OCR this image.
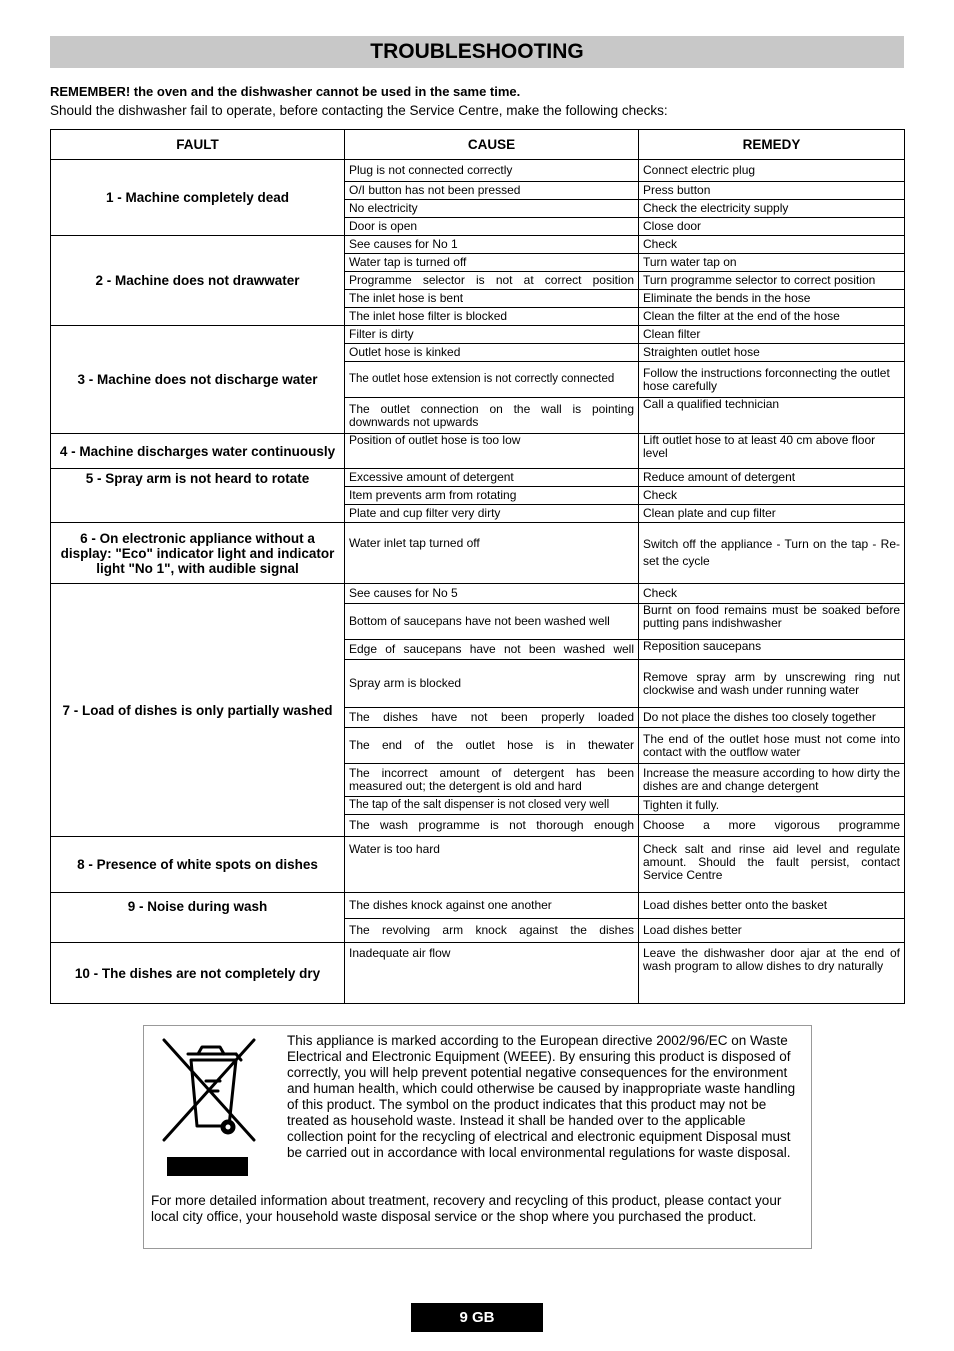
TROUBLESHOOTING
REMEMBER! the oven and the dishwasher cannot be used in the same time.
Should the dishwasher fail to operate, before contacting the Service Centre, make the following checks:
FAULT	CAUSE	REMEDY
1 - Machine completely dead	Plug is not connected correctly	Connect electric plug
	O/I button has not been pressed	Press button
	No electricity	Check the electricity supply
	Door is open	Close door
2 - Machine does not drawwater	See causes for No 1	Check
	Water tap is turned off	Turn water tap on
	Programme selector is not at correct position	Turn programme selector to correct position
	The inlet hose is bent	Eliminate the bends in the hose
	The inlet hose filter is blocked	Clean the filter at the end of the hose
3 - Machine does not discharge water	Filter is dirty	Clean filter
	Outlet hose is kinked	Straighten outlet hose
	The outlet hose extension is not correctly connected	Follow the instructions forconnecting the outlet hose carefully
	The outlet connection on the wall is pointing downwards not upwards	Call a qualified technician
4 - Machine discharges water continuously	Position of outlet hose is too low	Lift outlet hose to at least 40 cm above floor level
5 - Spray arm is not heard to rotate	Excessive amount of detergent	Reduce amount of detergent
	Item prevents arm from rotating	Check
	Plate and cup filter very dirty	Clean plate and cup filter
6 - On electronic appliance without a display: "Eco" indicator light and indicator light "No 1", with audible signal	Water inlet tap turned off	Switch off the appliance - Turn on the tap - Re-set the cycle
7 - Load of dishes is only partially washed	See causes for No 5	Check
	Bottom of saucepans have not been washed well	Burnt on food remains must be soaked before putting pans indishwasher
	Edge of saucepans have not been washed well	Reposition saucepans
	Spray arm is blocked	Remove spray arm by unscrewing ring nut clockwise and wash under running water
	The dishes have not been properly loaded	Do not place the dishes too closely together
	The end of the outlet hose is in thewater	The end of the outlet hose must not come into contact with the outflow water
	The incorrect amount of detergent has been measured out; the detergent is old and hard	Increase the measure according to how dirty the dishes are and change detergent
	The tap of the salt dispenser is not closed very well	Tighten it fully.
	The wash programme is not thorough enough	Choose a more vigorous programme
8 - Presence of white spots on dishes	Water is too hard	Check salt and rinse aid level and regulate amount. Should the fault persist, contact Service Centre
9 - Noise during wash	The dishes knock against one another	Load dishes better onto the basket
	The revolving arm knock against the dishes	Load dishes better
10 - The dishes are not completely dry	Inadequate air flow	Leave the dishwasher door ajar at the end of wash program to allow dishes to dry naturally
This appliance is marked according to the European directive 2002/96/EC on Waste Electrical and Electronic Equipment (WEEE). By ensuring this product is disposed of correctly, you will help prevent potential negative consequences for the environment and human health, which could otherwise be caused by inappropriate waste handling of this product. The symbol on the product indicates that this product may not be treated as household waste. Instead it shall be handed over to the applicable collection point for the recycling of electrical and electronic equipment Disposal must be carried out in accordance with local environmental regulations for waste disposal.
For more detailed information about treatment, recovery and recycling of this product, please contact your local city office, your household waste disposal service or the shop where you purchased the product.
9 GB
